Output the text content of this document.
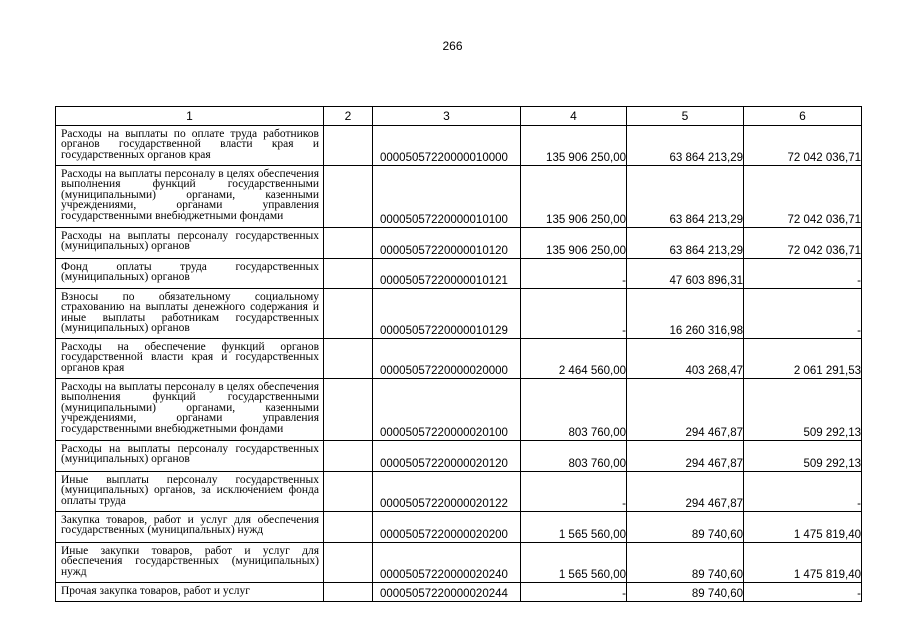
266
1	2	3	4	5	6
Расходы на выплаты по оплате труда работников органов государственной власти края и государственных органов края		00005057220000010000	135 906 250,00	63 864 213,29	72 042 036,71
Расходы на выплаты персоналу в целях обеспечения выполнения функций государственными (муниципальными) органами, казенными учреждениями, органами управления государственными внебюджетными фондами		00005057220000010100	135 906 250,00	63 864 213,29	72 042 036,71
Расходы на выплаты персоналу государственных (муниципальных) органов		00005057220000010120	135 906 250,00	63 864 213,29	72 042 036,71
Фонд оплаты труда государственных (муниципальных) органов		00005057220000010121	-	47 603 896,31	-
Взносы по обязательному социальному страхованию на выплаты денежного содержания и иные выплаты работникам государственных (муниципальных) органов		00005057220000010129	-	16 260 316,98	-
Расходы на обеспечение функций органов государственной власти края и государственных органов края		00005057220000020000	2 464 560,00	403 268,47	2 061 291,53
Расходы на выплаты персоналу в целях обеспечения выполнения функций государственными (муниципальными) органами, казенными учреждениями, органами управления государственными внебюджетными фондами		00005057220000020100	803 760,00	294 467,87	509 292,13
Расходы на выплаты персоналу государственных (муниципальных) органов		00005057220000020120	803 760,00	294 467,87	509 292,13
Иные выплаты персоналу государственных (муниципальных) органов, за исключением фонда оплаты труда		00005057220000020122	-	294 467,87	-
Закупка товаров, работ и услуг для обеспечения государственных (муниципальных) нужд		00005057220000020200	1 565 560,00	89 740,60	1 475 819,40
Иные закупки товаров, работ и услуг для обеспечения государственных (муниципальных) нужд		00005057220000020240	1 565 560,00	89 740,60	1 475 819,40
Прочая закупка товаров, работ и услуг		00005057220000020244	-	89 740,60	-
